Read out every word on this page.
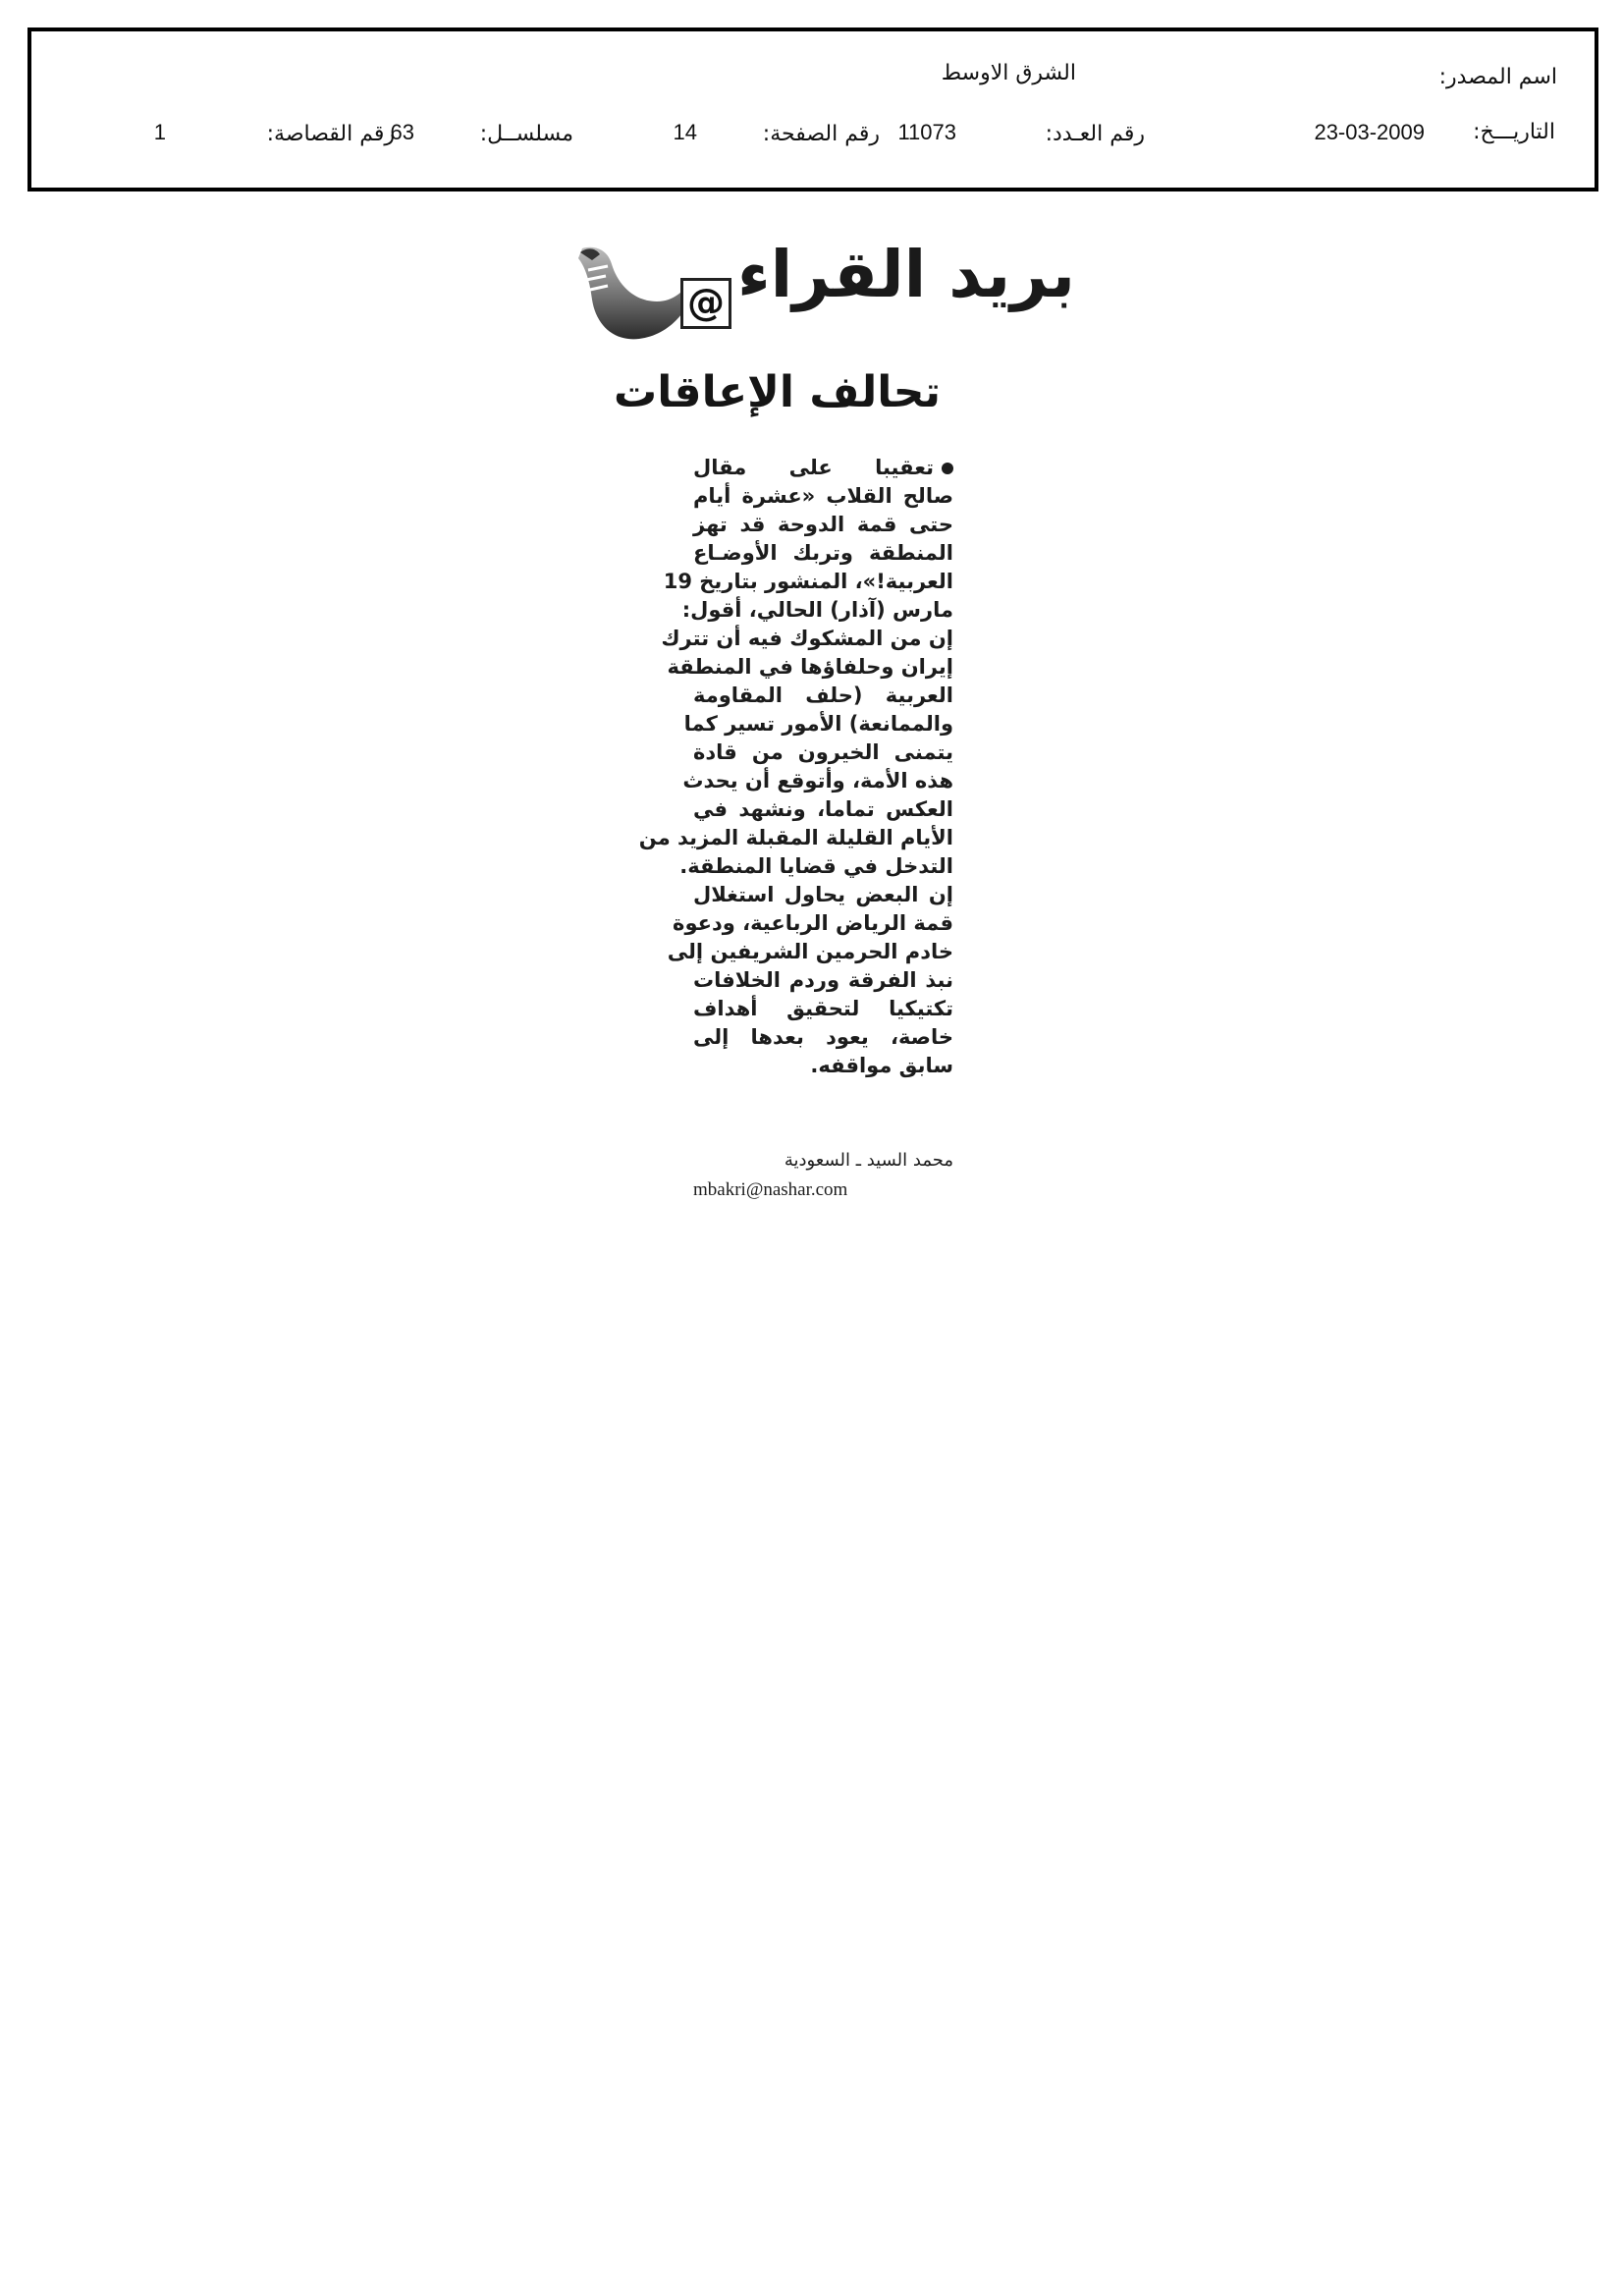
اسم المصدر:
الشرق الاوسط
التاريـــخ:
23-03-2009
رقم العـدد:
11073
رقم الصفحة:
14
مسلســل:
63
رقم القصاصة:
1
@ بريد القراء
تحالف الإعاقات
تعقيبا على مقال
صالح القلاب «عشرة أيام
حتى قمة الدوحة قد تهز
المنطقة وتربك الأوضـاع
العربية!»، المنشور بتاريخ 19
مارس (آذار) الحالي، أقول:
إن من المشكوك فيه أن تترك
إيران وحلفاؤها في المنطقة
العربية (حلف المقاومة
والممانعة) الأمور تسير كما
يتمنى الخيرون من قادة
هذه الأمة، وأتوقع أن يحدث
العكس تماما، ونشهد في
الأيام القليلة المقبلة المزيد من
التدخل في قضايا المنطقة.
إن البعض يحاول استغلال
قمة الرياض الرباعية، ودعوة
خادم الحرمين الشريفين إلى
نبذ الفرقة وردم الخلافات
تكتيكيا لتحقيق أهداف
خاصة، يعود بعدها إلى
سابق مواقفه.
محمد السيد ـ السعودية
mbakri@nashar.com
